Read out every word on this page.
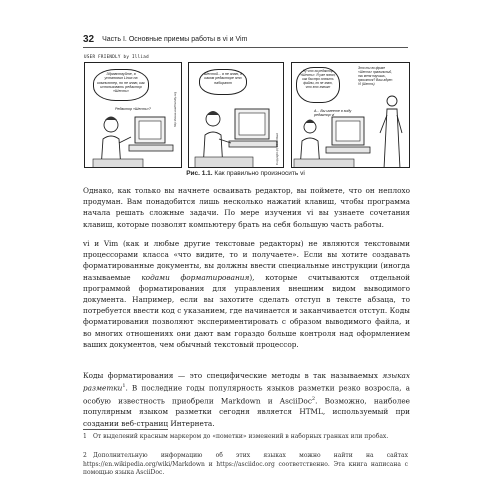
32 Часть I. Основные приемы работы в vi и Vim
USER FRIENDLY by Illiad
Здравствуйте, я установил Linux на компьютер, но не знаю, как использовать редактор «Шесть»
Редактор «Шесть»?	http://www.userfriendly.org
Шестой... я не знаю, в каком редакторе это набирают
Copyright (c) 2000 Illiad
Ну что за редактор «Шесть». Я уже понял, как быстро освоить файлы, но не знаю, что это значит
Это ты во фразе «Шесть» правильный, ты меня научишь, произнося? Ваш адрес: VI (Шесть)
А... Вы имеете в виду редактор vi
Рис. 1.1. Как правильно произносить vi

Однако, как только вы начнете осваивать редактор, вы поймете, что он неплохо продуман. Вам понадобится лишь несколько нажатий клавиш, чтобы программа начала решать сложные задачи. По мере изучения vi вы узнаете сочетания клавиш, которые позволят компьютеру брать на себя большую часть работы.

vi и Vim (как и любые другие текстовые редакторы) не являются текстовыми процессорами класса «что видите, то и получаете». Если вы хотите создавать форматированные документы, вы должны ввести специальные инструкции (иногда называемые кодами форматирования), которые считываются отдельной программой форматирования для управления внешним видом выводимого документа. Например, если вы захотите сделать отступ в тексте абзаца, то потребуется ввести код с указанием, где начинается и заканчивается отступ. Коды форматирования позволяют экспериментировать с образом выводимого файла, и во многих отношениях они дают вам гораздо больше контроля над оформлением ваших документов, чем обычный текстовый процессор.

Коды форматирования — это специфические методы в так называемых языках разметки$^1$. В последние годы популярность языков разметки резко возросла, а особую известность приобрели Markdown и AsciiDoc$^2$. Возможно, наиболее популярным языком разметки сегодня является HTML, используемый при создании веб-страниц Интернета.

1 От выделений красным маркером до «пометки» изменений в наборных гранках или пробах.

2 Дополнительную информацию об этих языках можно найти на сайтах https://en.wikipedia.org/wiki/Markdown и https://asciidoc.org соответственно. Эта книга написана с помощью языка AsciiDoc.
